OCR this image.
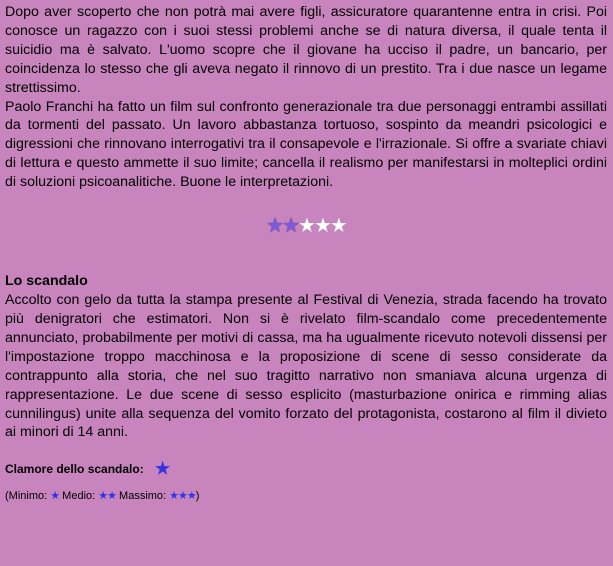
Dopo aver scoperto che non potrà mai avere figli, assicuratore quarantenne entra in crisi. Poi conosce un ragazzo con i suoi stessi problemi anche se di natura diversa, il quale tenta il suicidio ma è salvato. L'uomo scopre che il giovane ha ucciso il padre, un bancario, per coincidenza lo stesso che gli aveva negato il rinnovo di un prestito. Tra i due nasce un legame strettissimo.

Paolo Franchi ha fatto un film sul confronto generazionale tra due personaggi entrambi assillati da tormenti del passato. Un lavoro abbastanza tortuoso, sospinto da meandri psicologici e digressioni che rinnovano interrogativi tra il consapevole e l'irrazionale. Si offre a svariate chiavi di lettura e questo ammette il suo limite; cancella il realismo per manifestarsi in molteplici ordini di soluzioni psicoanalitiche. Buone le interpretazioni.

★★★★★
Lo scandalo

Accolto con gelo da tutta la stampa presente al Festival di Venezia, strada facendo ha trovato più denigratori che estimatori. Non si è rivelato film-scandalo come precedentemente annunciato, probabilmente per motivi di cassa, ma ha ugualmente ricevuto notevoli dissensi per l'impostazione troppo macchinosa e la proposizione di scene di sesso considerate da contrappunto alla storia, che nel suo tragitto narrativo non smaniava alcuna urgenza di rappresentazione. Le due scene di sesso esplicito (masturbazione onirica e rimming alias cunnilingus) unite alla sequenza del vomito forzato del protagonista, costarono al film il divieto ai minori di 14 anni.

Clamore dello scandalo: ★
(Minimo: ★ Medio: ★★ Massimo: ★★★)
